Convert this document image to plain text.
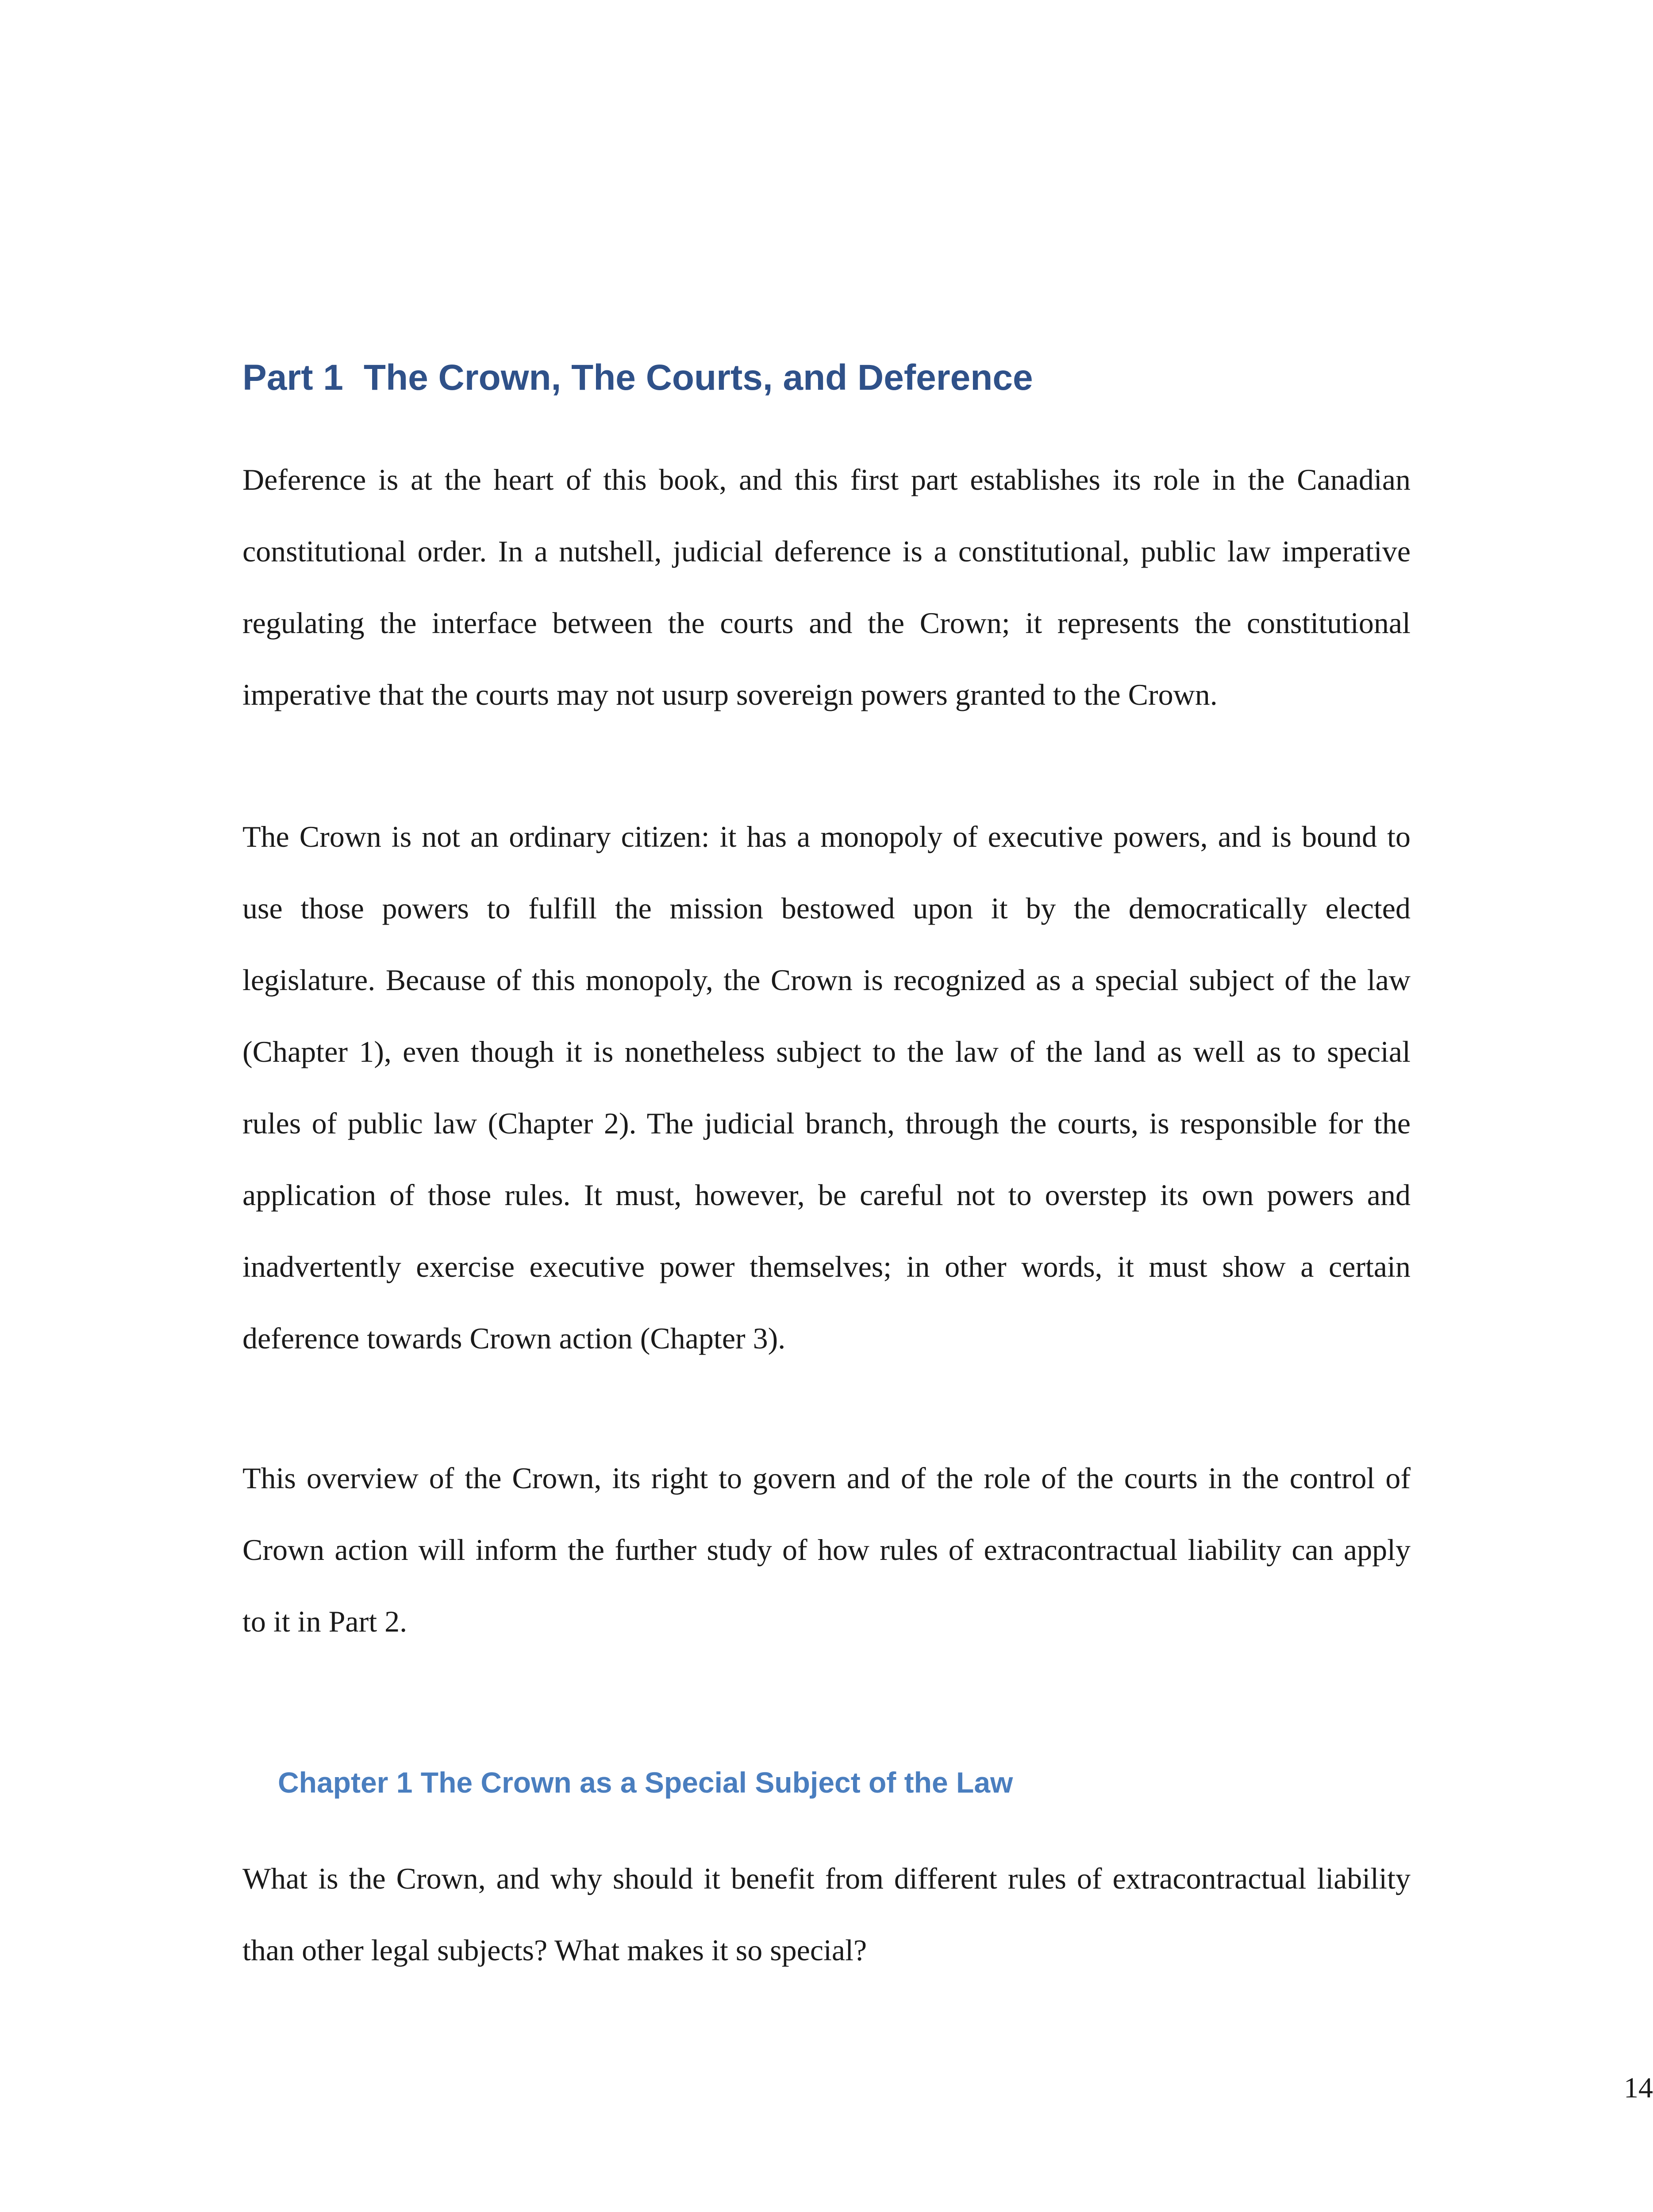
Part 1 The Crown, The Courts, and Deference

Deference is at the heart of this book, and this first part establishes its role in the Canadian
constitutional order. In a nutshell, judicial deference is a constitutional, public law imperative
regulating the interface between the courts and the Crown; it represents the constitutional
imperative that the courts may not usurp sovereign powers granted to the Crown.

The Crown is not an ordinary citizen: it has a monopoly of executive powers, and is bound to
use those powers to fulfill the mission bestowed upon it by the democratically elected
legislature. Because of this monopoly, the Crown is recognized as a special subject of the law
(Chapter 1), even though it is nonetheless subject to the law of the land as well as to special
rules of public law (Chapter 2). The judicial branch, through the courts, is responsible for the
application of those rules. It must, however, be careful not to overstep its own powers and
inadvertently exercise executive power themselves; in other words, it must show a certain
deference towards Crown action (Chapter 3).

This overview of the Crown, its right to govern and of the role of the courts in the control of
Crown action will inform the further study of how rules of extracontractual liability can apply
to it in Part 2.

Chapter 1 The Crown as a Special Subject of the Law

What is the Crown, and why should it benefit from different rules of extracontractual liability
than other legal subjects? What makes it so special?

14
